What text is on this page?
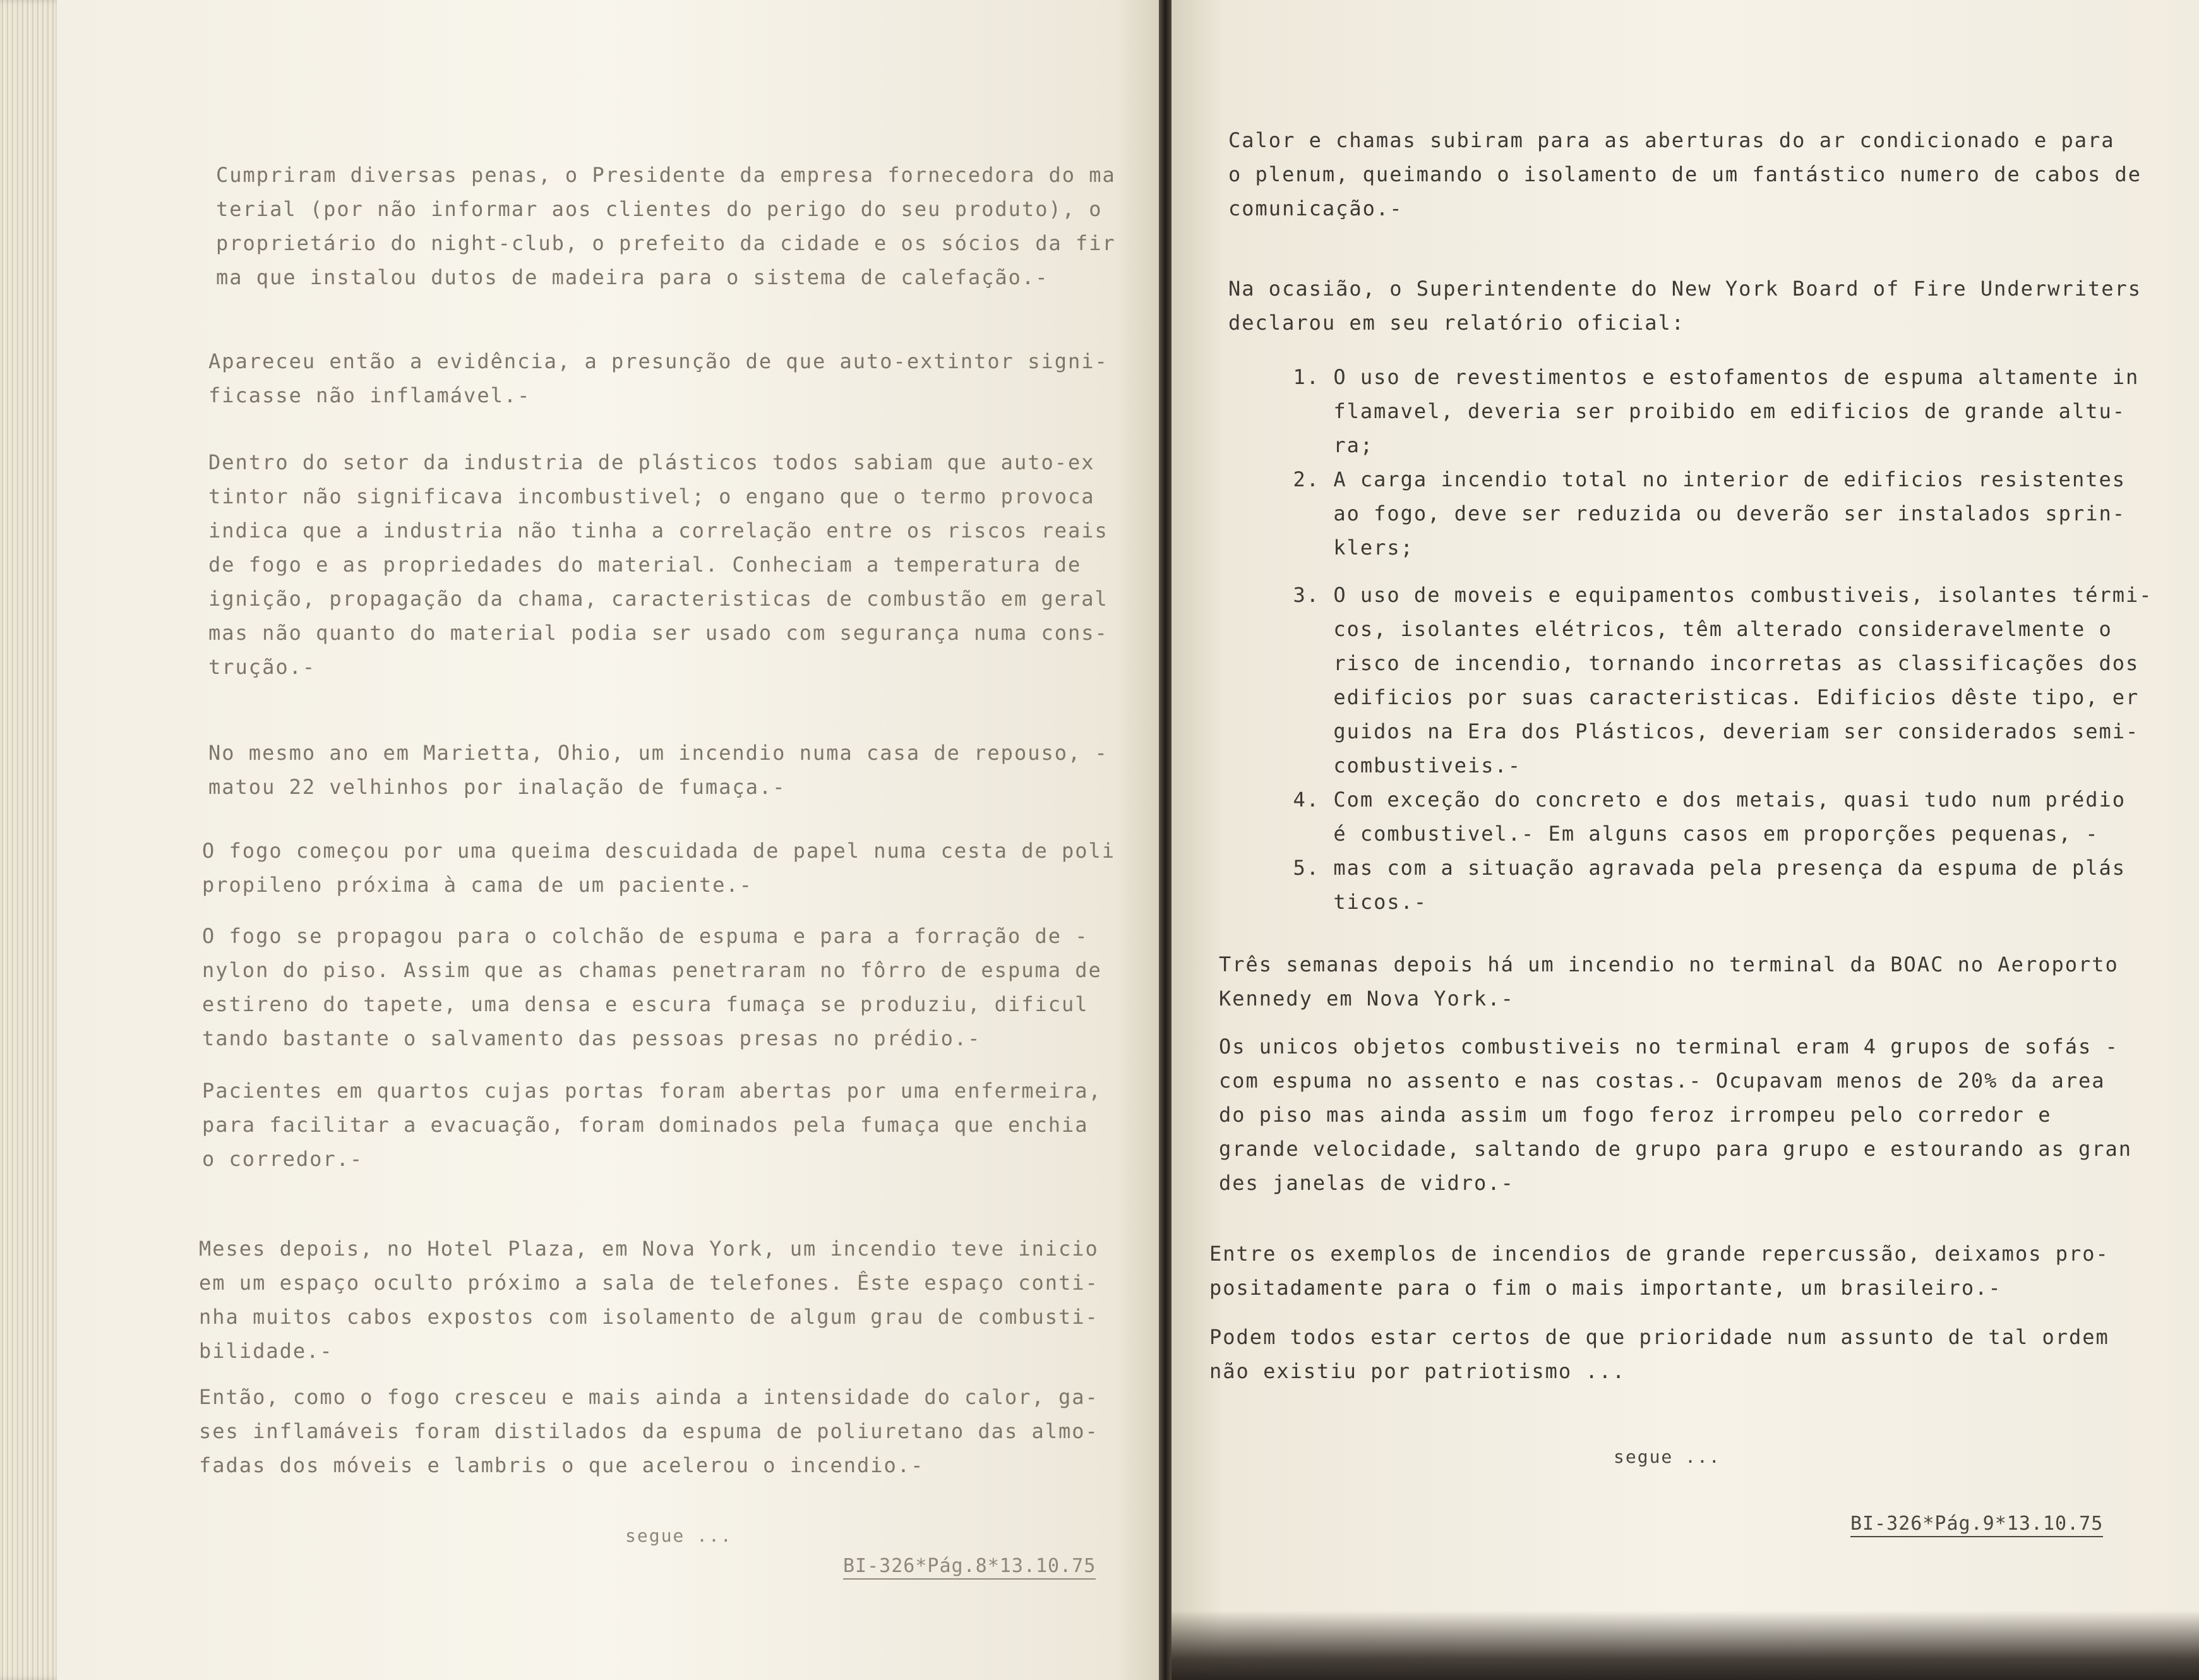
Cumpriram diversas penas, o Presidente da empresa fornecedora do ma
terial (por não informar aos clientes do perigo do seu produto), o
proprietário do night-club, o prefeito da cidade e os sócios da fir
ma que instalou dutos de madeira para o sistema de calefação.-

Apareceu então a evidência, a presunção de que auto-extintor signi-
ficasse não inflamável.-

Dentro do setor da industria de plásticos todos sabiam que auto-ex
tintor não significava incombustivel; o engano que o termo provoca
indica que a industria não tinha a correlação entre os riscos reais
de fogo e as propriedades do material. Conheciam a temperatura de
ignição, propagação da chama, caracteristicas de combustão em geral
mas não quanto do material podia ser usado com segurança numa cons-
trução.-

No mesmo ano em Marietta, Ohio, um incendio numa casa de repouso, -
matou 22 velhinhos por inalação de fumaça.-

O fogo começou por uma queima descuidada de papel numa cesta de poli
propileno próxima à cama de um paciente.-

O fogo se propagou para o colchão de espuma e para a forração de -
nylon do piso. Assim que as chamas penetraram no fôrro de espuma de
estireno do tapete, uma densa e escura fumaça se produziu, dificul
tando bastante o salvamento das pessoas presas no prédio.-

Pacientes em quartos cujas portas foram abertas por uma enfermeira,
para facilitar a evacuação, foram dominados pela fumaça que enchia
o corredor.-

Meses depois, no Hotel Plaza, em Nova York, um incendio teve inicio
em um espaço oculto próximo a sala de telefones. Êste espaço conti-
nha muitos cabos expostos com isolamento de algum grau de combusti-
bilidade.-

Então, como o fogo cresceu e mais ainda a intensidade do calor, ga-
ses inflamáveis foram distilados da espuma de poliuretano das almo-
fadas dos móveis e lambris o que acelerou o incendio.-

segue ...
BI-326*Pág.8*13.10.75

Calor e chamas subiram para as aberturas do ar condicionado e para
o plenum, queimando o isolamento de um fantástico numero de cabos de
comunicação.-

Na ocasião, o Superintendente do New York Board of Fire Underwriters
declarou em seu relatório oficial:

1. O uso de revestimentos e estofamentos de espuma altamente in
flamavel, deveria ser proibido em edificios de grande altu-
ra;
2. A carga incendio total no interior de edificios resistentes
ao fogo, deve ser reduzida ou deverão ser instalados sprin-
klers;

3. O uso de moveis e equipamentos combustiveis, isolantes térmi-
cos, isolantes elétricos, têm alterado consideravelmente o
risco de incendio, tornando incorretas as classificações dos
edificios por suas caracteristicas. Edificios dêste tipo, er
guidos na Era dos Plásticos, deveriam ser considerados semi-
combustiveis.-
4. Com exceção do concreto e dos metais, quasi tudo num prédio
é combustivel.- Em alguns casos em proporções pequenas, -
5. mas com a situação agravada pela presença da espuma de plás
ticos.-

Três semanas depois há um incendio no terminal da BOAC no Aeroporto
Kennedy em Nova York.-

Os unicos objetos combustiveis no terminal eram 4 grupos de sofás -
com espuma no assento e nas costas.- Ocupavam menos de 20% da area
do piso mas ainda assim um fogo feroz irrompeu pelo corredor e
grande velocidade, saltando de grupo para grupo e estourando as gran
des janelas de vidro.-

Entre os exemplos de incendios de grande repercussão, deixamos pro-
positadamente para o fim o mais importante, um brasileiro.-

Podem todos estar certos de que prioridade num assunto de tal ordem
não existiu por patriotismo ...

segue ...
BI-326*Pág.9*13.10.75
